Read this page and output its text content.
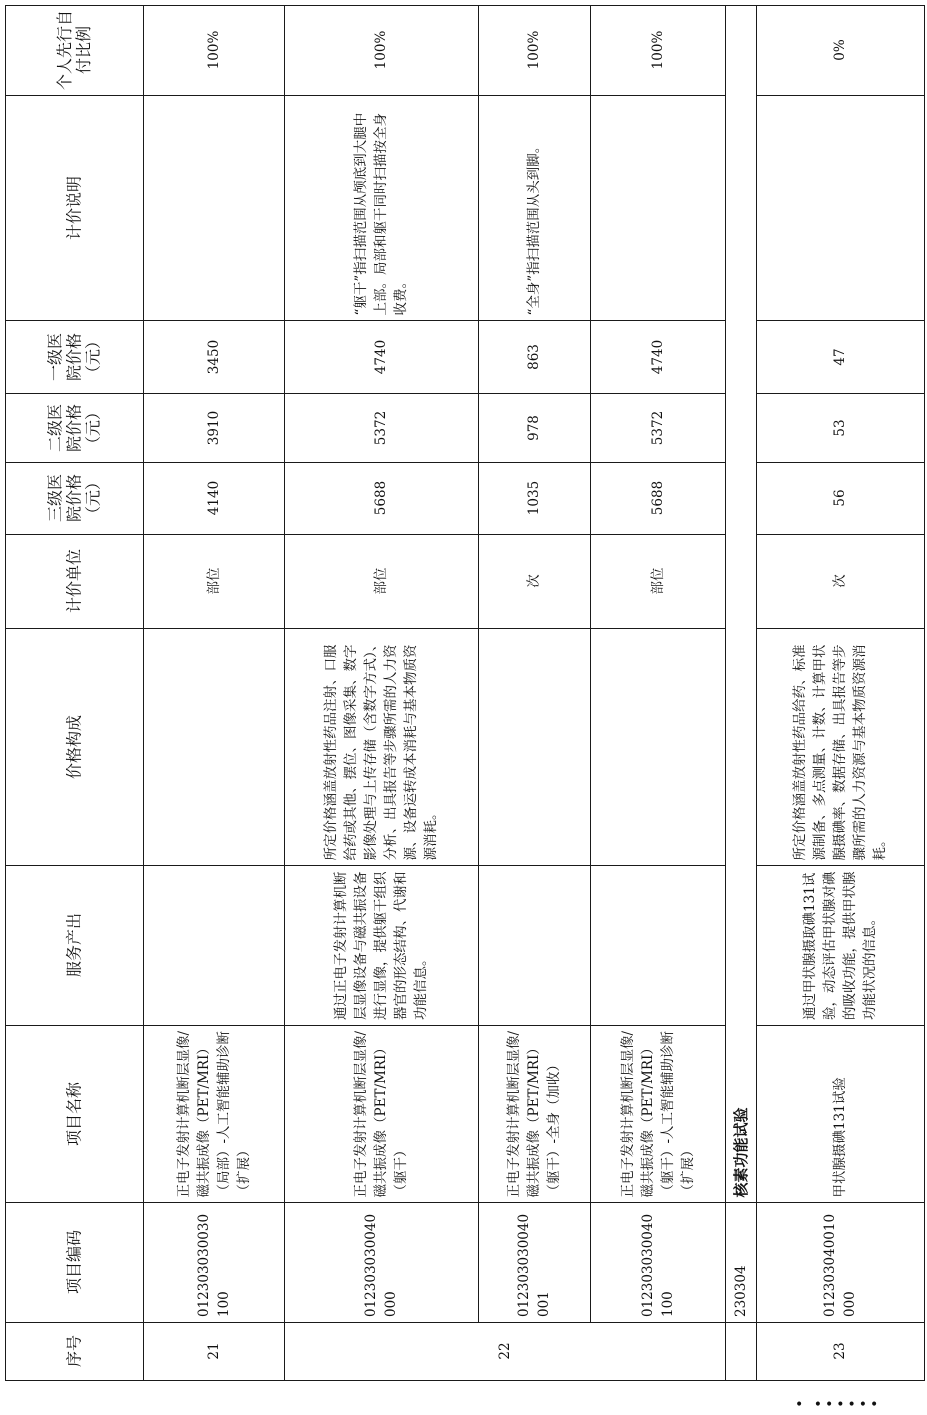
个人先行自付比例
计价说明
一级医院价格（元）
二级医院价格（元）
三级医院价格（元）
计价单位
价格构成
服务产出
项目名称
项目编码
序号
100%
3450
3910
4140
部位
正电子发射计算机断层显像/磁共振成像（PET/MRI）（局部）-人工智能辅助诊断（扩展）
012303030030100
100%
“躯干”指扫描范围从颅底到大腿中上部。局部和躯干同时扫描按全身收费。
4740
5372
5688
部位
所定价格涵盖放射性药品注射、口服给药或其他、摆位、图像采集、数字影像处理与上传存储（含数字方式）、分析、出具报告等步骤所需的人力资源、设备运转成本消耗与基本物质资源消耗。
通过正电子发射计算机断层显像设备与磁共振设备进行显像，提供躯干组织器官的形态结构、代谢和功能信息。
正电子发射计算机断层显像/磁共振成像（PET/MRI）（躯干）
012303030040000
100%
“全身”指扫描范围从头到脚。
863
978
1035
次
正电子发射计算机断层显像/磁共振成像（PET/MRI）（躯干）-全身（加收）
012303030040001
100%
4740
5372
5688
部位
正电子发射计算机断层显像/磁共振成像（PET/MRI）（躯干）-人工智能辅助诊断（扩展）
012303030040100
21	22
230304
核素功能试验
0%
47
53
56
次
所定价格涵盖放射性药品给药、标准源制备、多点测量、计数、计算甲状腺摄碘率、数据存储、出具报告等步骤所需的人力资源与基本物质资源消耗。
通过甲状腺摄取碘131试验，动态评估甲状腺对碘的吸收功能，提供甲状腺功能状况的信息。
甲状腺摄碘131试验
012303040010000
23
• ••••••
